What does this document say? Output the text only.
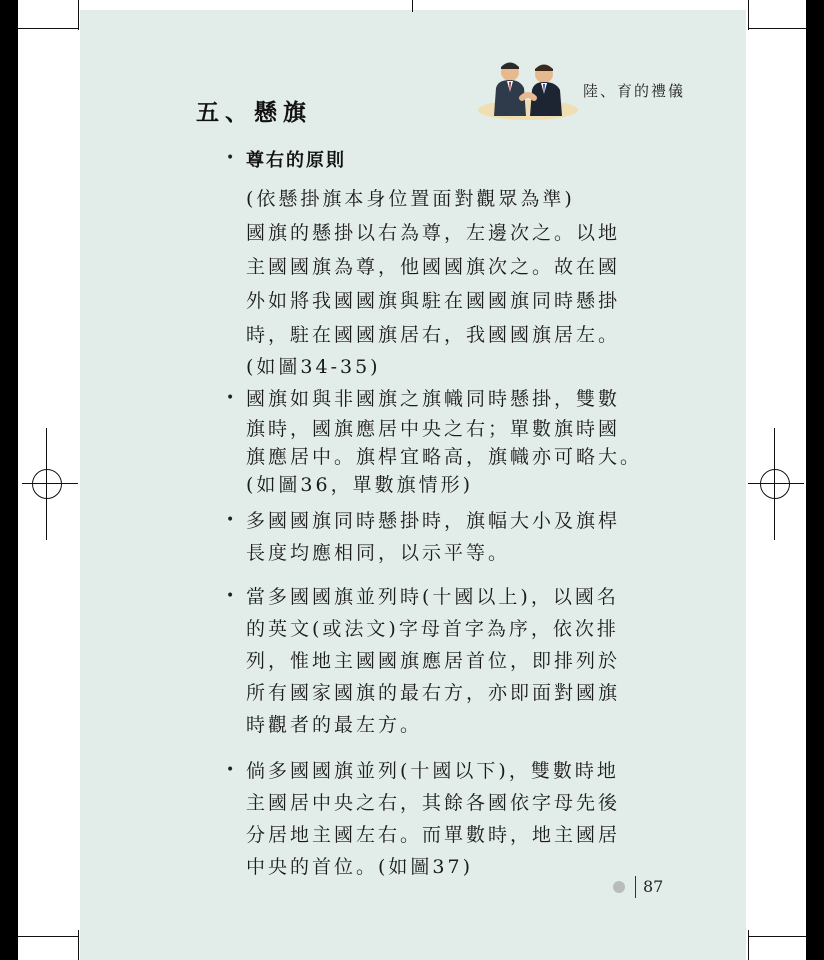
陸、育的禮儀
五、懸旗
• 尊右的原則
(依懸掛旗本身位置面對觀眾為準)
國旗的懸掛以右為尊，左邊次之。以地
主國國旗為尊，他國國旗次之。故在國
外如將我國國旗與駐在國國旗同時懸掛
時，駐在國國旗居右，我國國旗居左。
(如圖34-35)
• 國旗如與非國旗之旗幟同時懸掛，雙數
旗時，國旗應居中央之右；單數旗時國
旗應居中。旗桿宜略高，旗幟亦可略大。
(如圖36，單數旗情形)
• 多國國旗同時懸掛時，旗幅大小及旗桿
長度均應相同，以示平等。
• 當多國國旗並列時(十國以上)，以國名
的英文(或法文)字母首字為序，依次排
列，惟地主國國旗應居首位，即排列於
所有國家國旗的最右方，亦即面對國旗
時觀者的最左方。
• 倘多國國旗並列(十國以下)，雙數時地
主國居中央之右，其餘各國依字母先後
分居地主國左右。而單數時，地主國居
中央的首位。(如圖37)
87
